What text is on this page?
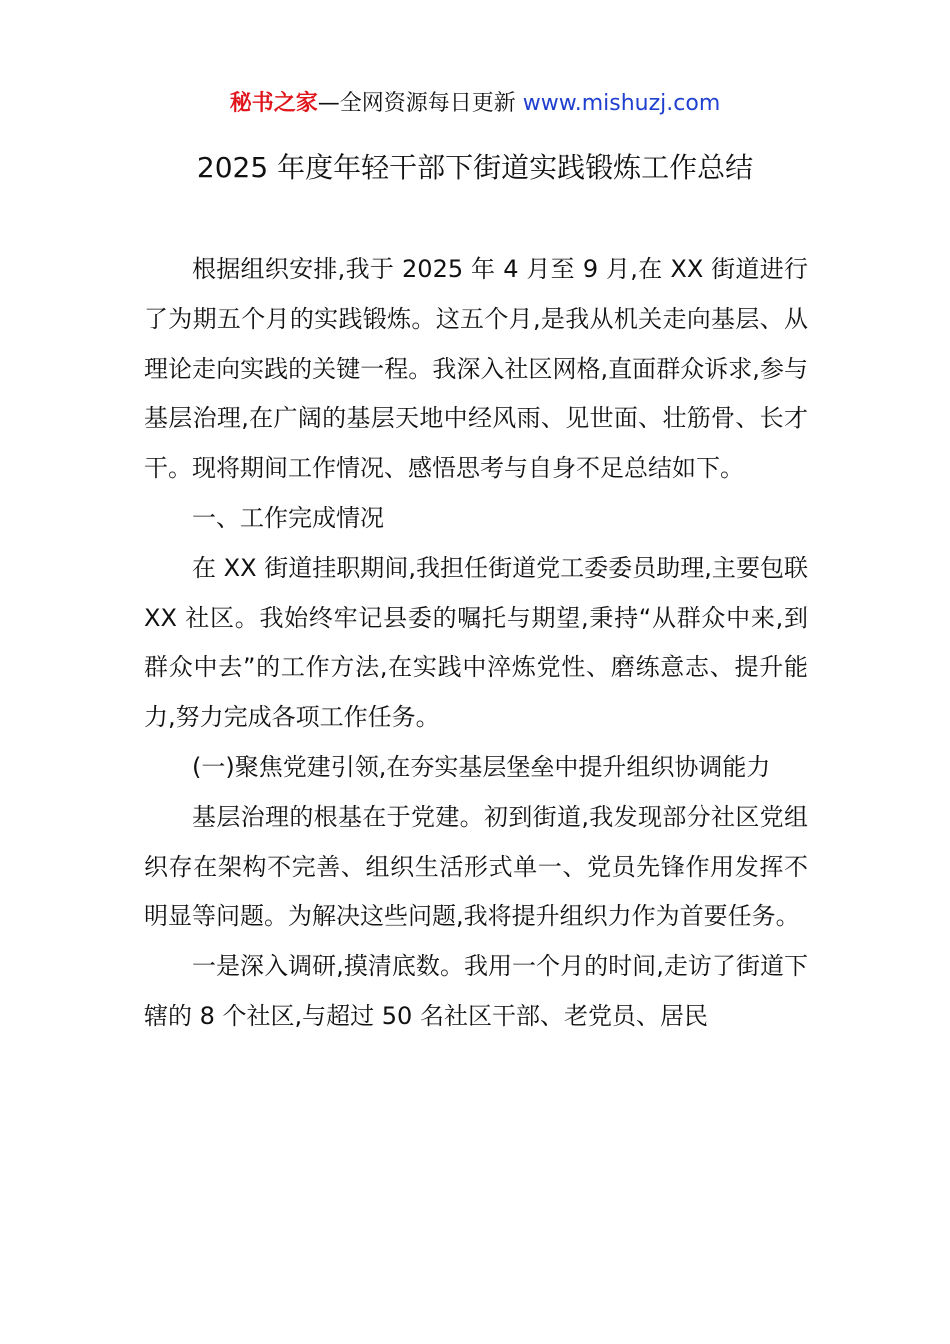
秘书之家—全网资源每日更新 www.mishuzj.com
2025 年度年轻干部下街道实践锻炼工作总结

根据组织安排,我于 2025 年 4 月至 9 月,在 XX 街道进行了为期五个月的实践锻炼。这五个月,是我从机关走向基层、从理论走向实践的关键一程。我深入社区网格,直面群众诉求,参与基层治理,在广阔的基层天地中经风雨、见世面、壮筋骨、长才干。现将期间工作情况、感悟思考与自身不足总结如下。

一、工作完成情况

在 XX 街道挂职期间,我担任街道党工委委员助理,主要包联 XX 社区。我始终牢记县委的嘱托与期望,秉持“从群众中来,到群众中去”的工作方法,在实践中淬炼党性、磨练意志、提升能力,努力完成各项工作任务。

(一)聚焦党建引领,在夯实基层堡垒中提升组织协调能力

基层治理的根基在于党建。初到街道,我发现部分社区党组织存在架构不完善、组织生活形式单一、党员先锋作用发挥不明显等问题。为解决这些问题,我将提升组织力作为首要任务。

一是深入调研,摸清底数。我用一个月的时间,走访了街道下辖的 8 个社区,与超过 50 名社区干部、老党员、居民
